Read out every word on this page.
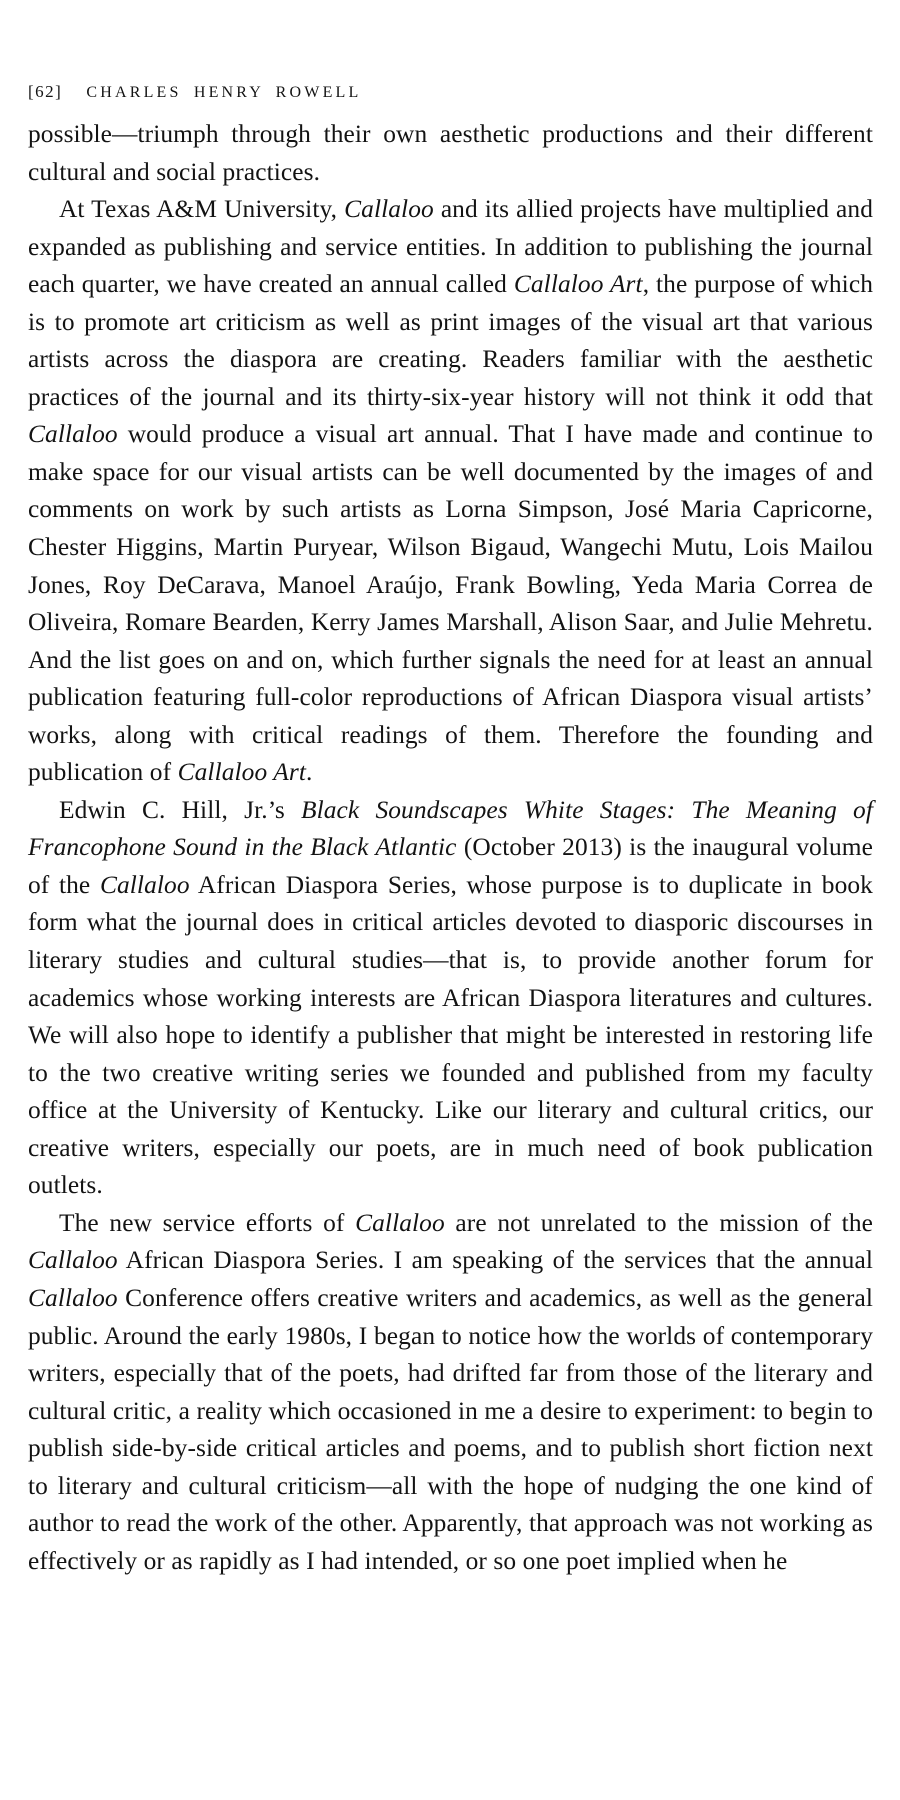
[62] CHARLES HENRY ROWELL

possible—triumph through their own aesthetic productions and their different cultural and social practices.

At Texas A&M University, Callaloo and its allied projects have multiplied and expanded as publishing and service entities. In addition to publishing the journal each quarter, we have created an annual called Callaloo Art, the purpose of which is to promote art criticism as well as print images of the visual art that various artists across the diaspora are creating. Readers familiar with the aesthetic practices of the journal and its thirty-six-year history will not think it odd that Callaloo would produce a visual art annual. That I have made and continue to make space for our visual artists can be well documented by the images of and comments on work by such artists as Lorna Simpson, José Maria Capricorne, Chester Higgins, Martin Puryear, Wilson Bigaud, Wangechi Mutu, Lois Mailou Jones, Roy DeCarava, Manoel Araújo, Frank Bowling, Yeda Maria Correa de Oliveira, Romare Bearden, Kerry James Marshall, Alison Saar, and Julie Mehretu. And the list goes on and on, which further signals the need for at least an annual publication featuring full-color reproductions of African Diaspora visual artists’ works, along with critical readings of them. Therefore the founding and publication of Callaloo Art.

Edwin C. Hill, Jr.’s Black Soundscapes White Stages: The Meaning of Francophone Sound in the Black Atlantic (October 2013) is the inaugural volume of the Callaloo African Diaspora Series, whose purpose is to duplicate in book form what the journal does in critical articles devoted to diasporic discourses in literary studies and cultural studies—that is, to provide another forum for academics whose working interests are African Diaspora literatures and cultures. We will also hope to identify a publisher that might be interested in restoring life to the two creative writing series we founded and published from my faculty office at the University of Kentucky. Like our literary and cultural critics, our creative writers, especially our poets, are in much need of book publication outlets.

The new service efforts of Callaloo are not unrelated to the mission of the Callaloo African Diaspora Series. I am speaking of the services that the annual Callaloo Conference offers creative writers and academics, as well as the general public. Around the early 1980s, I began to notice how the worlds of contemporary writers, especially that of the poets, had drifted far from those of the literary and cultural critic, a reality which occasioned in me a desire to experiment: to begin to publish side-by-side critical articles and poems, and to publish short fiction next to literary and cultural criticism—all with the hope of nudging the one kind of author to read the work of the other. Apparently, that approach was not working as effectively or as rapidly as I had intended, or so one poet implied when he
